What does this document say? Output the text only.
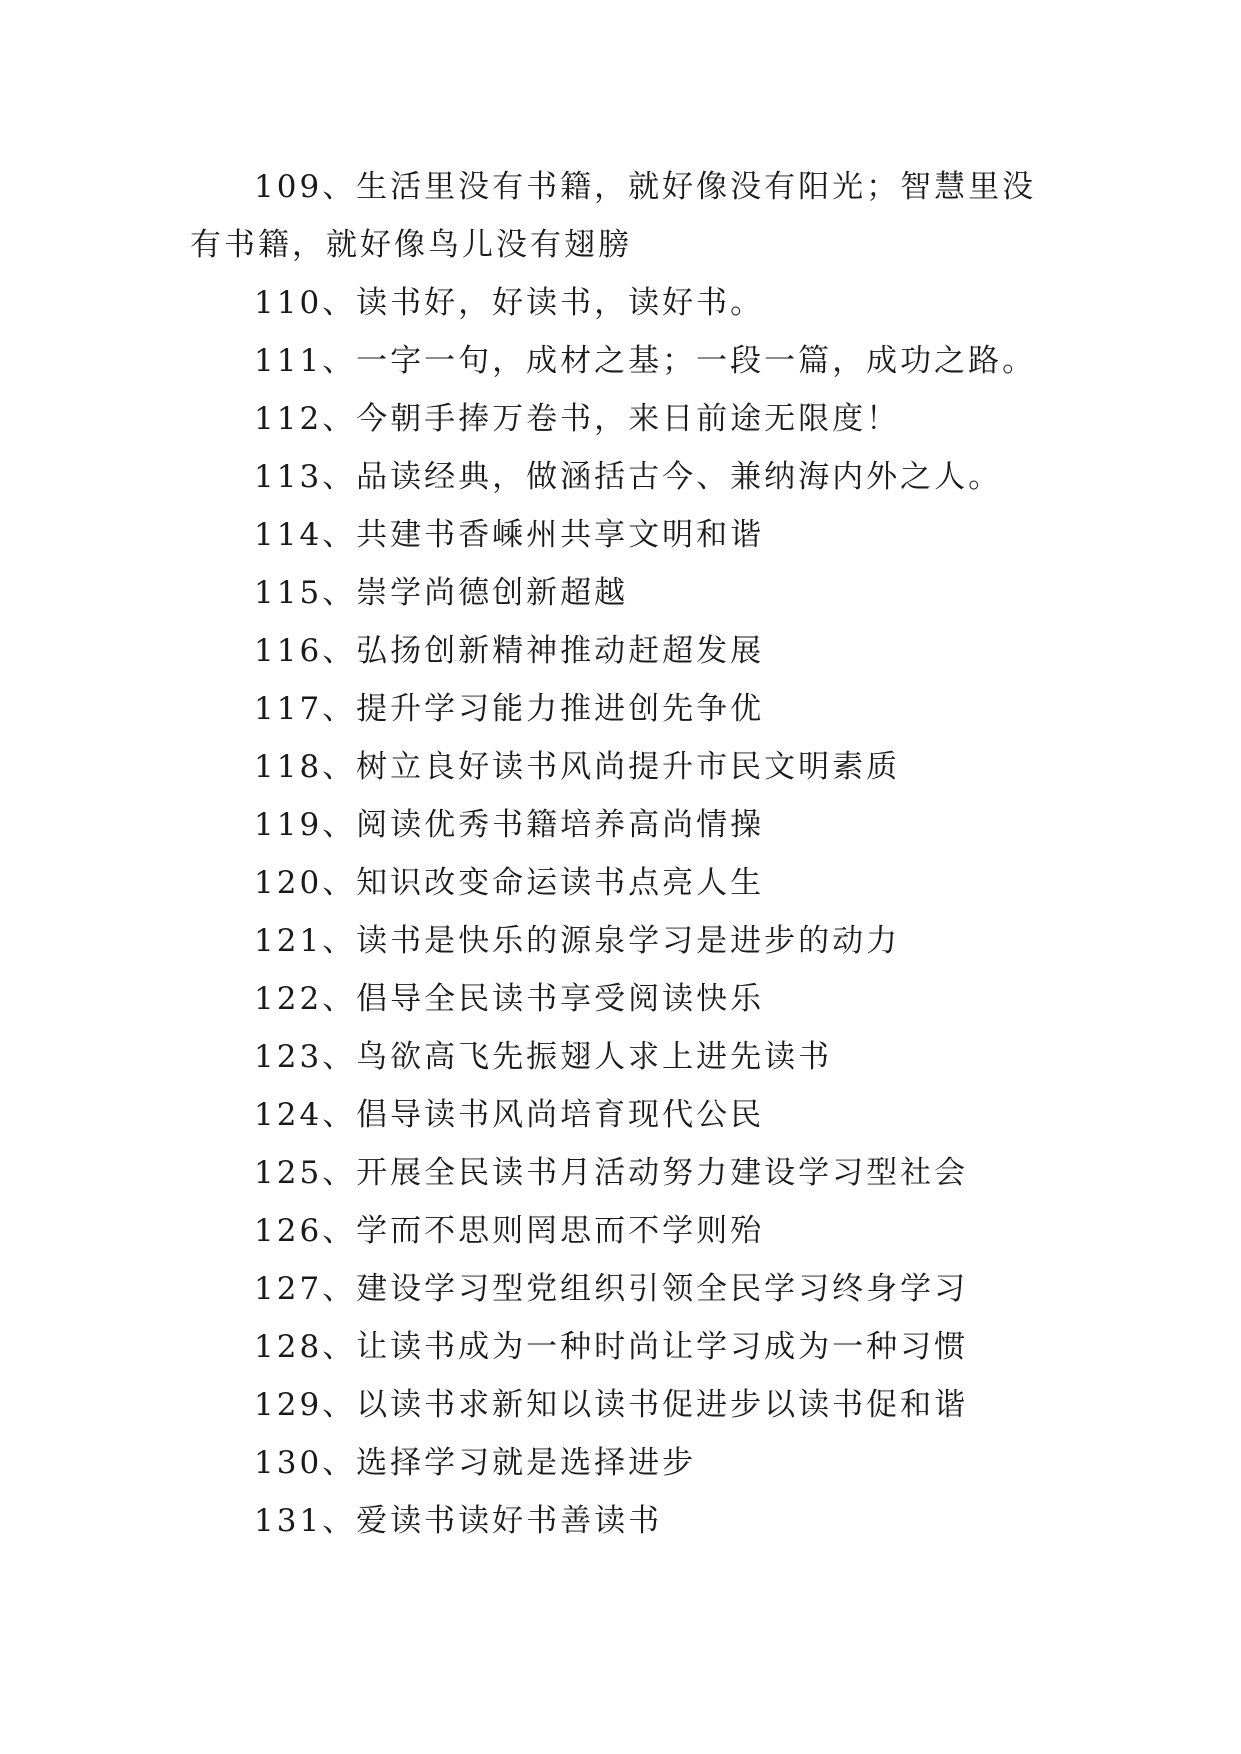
109、生活里没有书籍，就好像没有阳光；智慧里没有书籍，就好像鸟儿没有翅膀

110、读书好，好读书，读好书。

111、一字一句，成材之基；一段一篇，成功之路。

112、今朝手捧万卷书，来日前途无限度！

113、品读经典，做涵括古今、兼纳海内外之人。

114、共建书香嵊州共享文明和谐

115、崇学尚德创新超越

116、弘扬创新精神推动赶超发展

117、提升学习能力推进创先争优

118、树立良好读书风尚提升市民文明素质

119、阅读优秀书籍培养高尚情操

120、知识改变命运读书点亮人生

121、读书是快乐的源泉学习是进步的动力

122、倡导全民读书享受阅读快乐

123、鸟欲高飞先振翅人求上进先读书

124、倡导读书风尚培育现代公民

125、开展全民读书月活动努力建设学习型社会

126、学而不思则罔思而不学则殆

127、建设学习型党组织引领全民学习终身学习

128、让读书成为一种时尚让学习成为一种习惯

129、以读书求新知以读书促进步以读书促和谐

130、选择学习就是选择进步

131、爱读书读好书善读书
